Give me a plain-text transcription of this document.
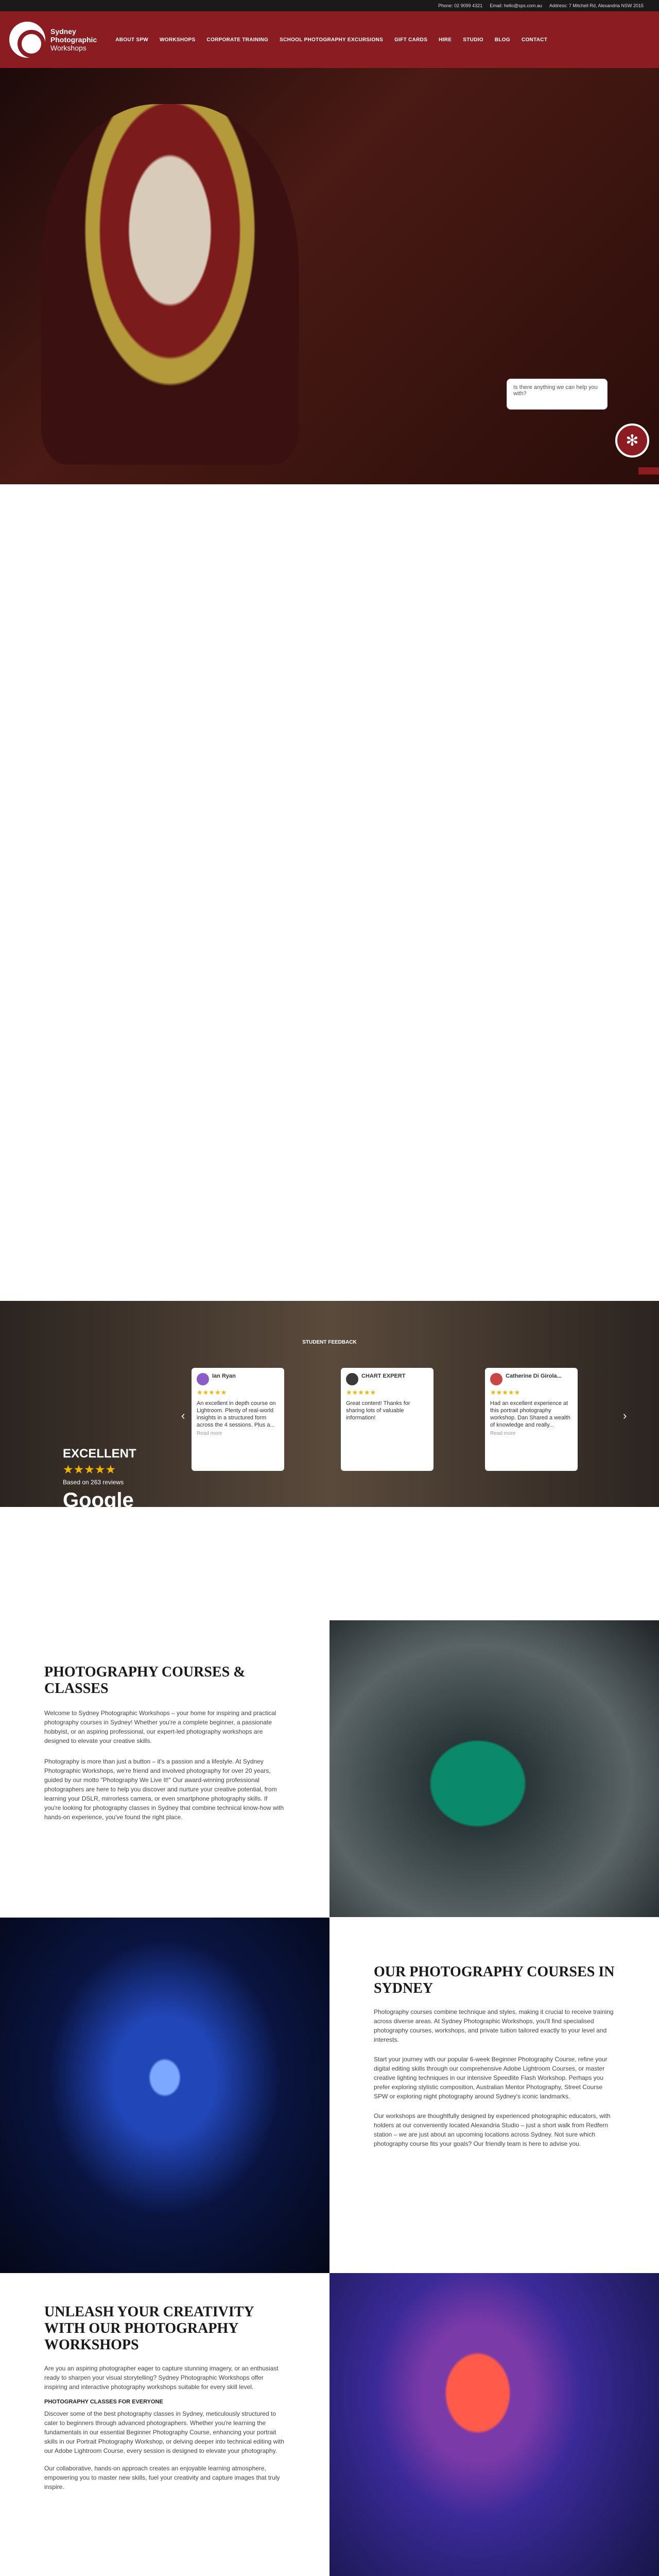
Phone: 02 9099 4321 Email: hello@sps.com.au Address: 7 Mitchell Rd, Alexandria NSW 2015
Sydney
Photographic
Workshops
ABOUT SPW WORKSHOPS CORPORATE TRAINING SCHOOL PHOTOGRAPHY EXCURSIONS GIFT CARDS HIRE STUDIO BLOG CONTACT
Is there anything we can help you with?
✻
STUDENT FEEDBACK
EXCELLENT
★★★★★
Based on 263 reviews
Google
‹
Ian Ryan
★★★★★
An excellent in depth course on Lightroom. Plenty of real-world insights in a structured form across the 4 sessions. Plus a...
Read more
CHART EXPERT
★★★★★
Great content! Thanks for sharing lots of valuable information!
Catherine Di Girola...
★★★★★
Had an excellent experience at this portrait photography workshop. Dan Shared a wealth of knowledge and really...
Read more
›
PHOTOGRAPHY COURSES & CLASSES

Welcome to Sydney Photographic Workshops – your home for inspiring and practical photography courses in Sydney! Whether you're a complete beginner, a passionate hobbyist, or an aspiring professional, our expert-led photography workshops are designed to elevate your creative skills.

Photography is more than just a button – it's a passion and a lifestyle. At Sydney Photographic Workshops, we're friend and involved photography for over 20 years, guided by our motto "Photography We Live It!" Our award-winning professional photographers are here to help you discover and nurture your creative potential, from learning your DSLR, mirrorless camera, or even smartphone photography skills. If you're looking for photography classes in Sydney that combine technical know-how with hands-on experience, you've found the right place.

OUR PHOTOGRAPHY COURSES IN SYDNEY

Photography courses combine technique and styles, making it crucial to receive training across diverse areas. At Sydney Photographic Workshops, you'll find specialised photography courses, workshops, and private tuition tailored exactly to your level and interests.

Start your journey with our popular 6-week Beginner Photography Course, refine your digital editing skills through our comprehensive Adobe Lightroom Courses, or master creative lighting techniques in our intensive Speedlite Flash Workshop. Perhaps you prefer exploring stylistic composition, Australian Mentor Photography, Street Course SPW or exploring night photography around Sydney's iconic landmarks.

Our workshops are thoughtfully designed by experienced photographic educators, with holders at our conveniently located Alexandria Studio – just a short walk from Redfern station – we are just about an upcoming locations across Sydney. Not sure which photography course fits your goals? Our friendly team is here to advise you.

UNLEASH YOUR CREATIVITY WITH OUR PHOTOGRAPHY WORKSHOPS

Are you an aspiring photographer eager to capture stunning imagery, or an enthusiast ready to sharpen your visual storytelling? Sydney Photographic Workshops offer inspiring and interactive photography workshops suitable for every skill level.

PHOTOGRAPHY CLASSES FOR EVERYONE

Discover some of the best photography classes in Sydney, meticulously structured to cater to beginners through advanced photographers. Whether you're learning the fundamentals in our essential Beginner Photography Course, enhancing your portrait skills in our Portrait Photography Workshop, or delving deeper into technical editing with our Adobe Lightroom Course, every session is designed to elevate your photography.

Our collaborative, hands-on approach creates an enjoyable learning atmosphere, empowering you to master new skills, fuel your creativity and capture images that truly inspire.
